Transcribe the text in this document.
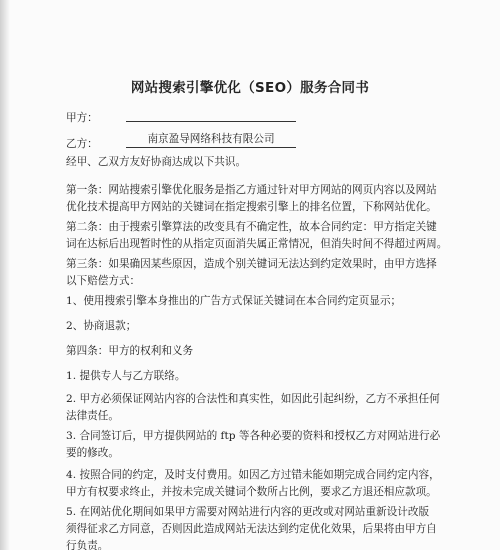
网站搜索引擎优化（SEO）服务合同书
甲方：
乙方：	南京盈导网络科技有限公司
经甲、乙双方友好协商达成以下共识。
第一条：网站搜索引擎优化服务是指乙方通过针对甲方网站的网页内容以及网站
优化技术提高甲方网站的关键词在指定搜索引擎上的排名位置，下称网站优化。
第二条：由于搜索引擎算法的改变具有不确定性，故本合同约定：甲方指定关键
词在达标后出现暂时性的从指定页面消失属正常情况，但消失时间不得超过两周。
第三条：如果确因某些原因，造成个别关键词无法达到约定效果时，由甲方选择
以下赔偿方式：
1、使用搜索引擎本身推出的广告方式保证关键词在本合同约定页显示；
2、协商退款；
第四条：甲方的权利和义务
1. 提供专人与乙方联络。
2. 甲方必须保证网站内容的合法性和真实性，如因此引起纠纷，乙方不承担任何
法律责任。
3. 合同签订后，甲方提供网站的 ftp 等各种必要的资料和授权乙方对网站进行必
要的修改。
4. 按照合同的约定，及时支付费用。如因乙方过错未能如期完成合同约定内容，
甲方有权要求终止，并按未完成关键词个数所占比例，要求乙方退还相应款项。
5. 在网站优化期间如果甲方需要对网站进行内容的更改或对网站重新设计改版
须得征求乙方同意，否则因此造成网站无法达到约定优化效果，后果将由甲方自
行负责。
